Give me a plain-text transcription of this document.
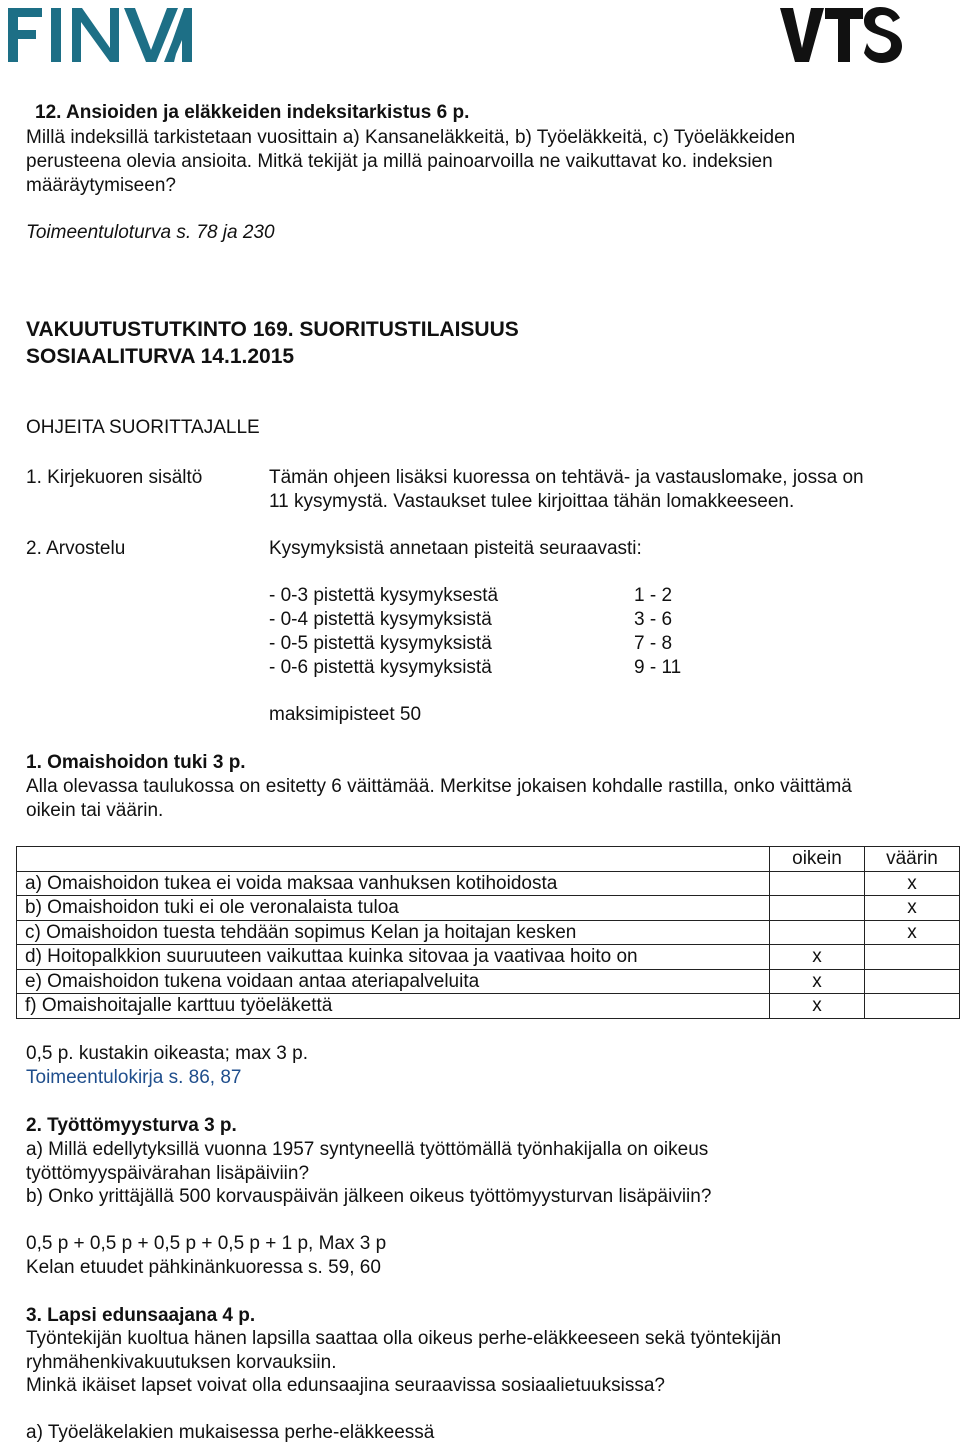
12. Ansioiden ja eläkkeiden indeksitarkistus 6 p.
Millä indeksillä tarkistetaan vuosittain a) Kansaneläkkeitä, b) Työeläkkeitä, c) Työeläkkeiden
perusteena olevia ansioita. Mitkä tekijät ja millä painoarvoilla ne vaikuttavat ko. indeksien
määräytymiseen?
Toimeentuloturva s. 78 ja 230
VAKUUTUSTUTKINTO 169. SUORITUSTILAISUUS
SOSIAALITURVA 14.1.2015
OHJEITA SUORITTAJALLE
1. Kirjekuoren sisältö	Tämän ohjeen lisäksi kuoressa on tehtävä- ja vastauslomake, jossa on
11 kysymystä. Vastaukset tulee kirjoittaa tähän lomakkeeseen.
2. Arvostelu	Kysymyksistä annetaan pisteitä seuraavasti:
- 0-3 pistettä kysymyksestä	1 - 2
- 0-4 pistettä kysymyksistä	3 - 6
- 0-5 pistettä kysymyksistä	7 - 8
- 0-6 pistettä kysymyksistä	9 - 11
maksimipisteet 50
1. Omaishoidon tuki 3 p.
Alla olevassa taulukossa on esitetty 6 väittämää. Merkitse jokaisen kohdalle rastilla, onko väittämä
oikein tai väärin.
	oikein	väärin
a) Omaishoidon tukea ei voida maksaa vanhuksen kotihoidosta		x
b) Omaishoidon tuki ei ole veronalaista tuloa		x
c) Omaishoidon tuesta tehdään sopimus Kelan ja hoitajan kesken		x
d) Hoitopalkkion suuruuteen vaikuttaa kuinka sitovaa ja vaativaa hoito on	x	
e) Omaishoidon tukena voidaan antaa ateriapalveluita	x	
f) Omaishoitajalle karttuu työeläkettä	x	
0,5 p. kustakin oikeasta; max 3 p.
Toimeentulokirja s. 86, 87
2. Työttömyysturva 3 p.
a) Millä edellytyksillä vuonna 1957 syntyneellä työttömällä työnhakijalla on oikeus
työttömyyspäivärahan lisäpäiviin?
b) Onko yrittäjällä 500 korvauspäivän jälkeen oikeus työttömyysturvan lisäpäiviin?
0,5 p + 0,5 p + 0,5 p + 0,5 p + 1 p, Max 3 p
Kelan etuudet pähkinänkuoressa s. 59, 60
3. Lapsi edunsaajana 4 p.
Työntekijän kuoltua hänen lapsilla saattaa olla oikeus perhe-eläkkeeseen sekä työntekijän
ryhmähenkivakuutuksen korvauksiin.
Minkä ikäiset lapset voivat olla edunsaajina seuraavissa sosiaalietuuksissa?
a) Työeläkelakien mukaisessa perhe-eläkkeessä
